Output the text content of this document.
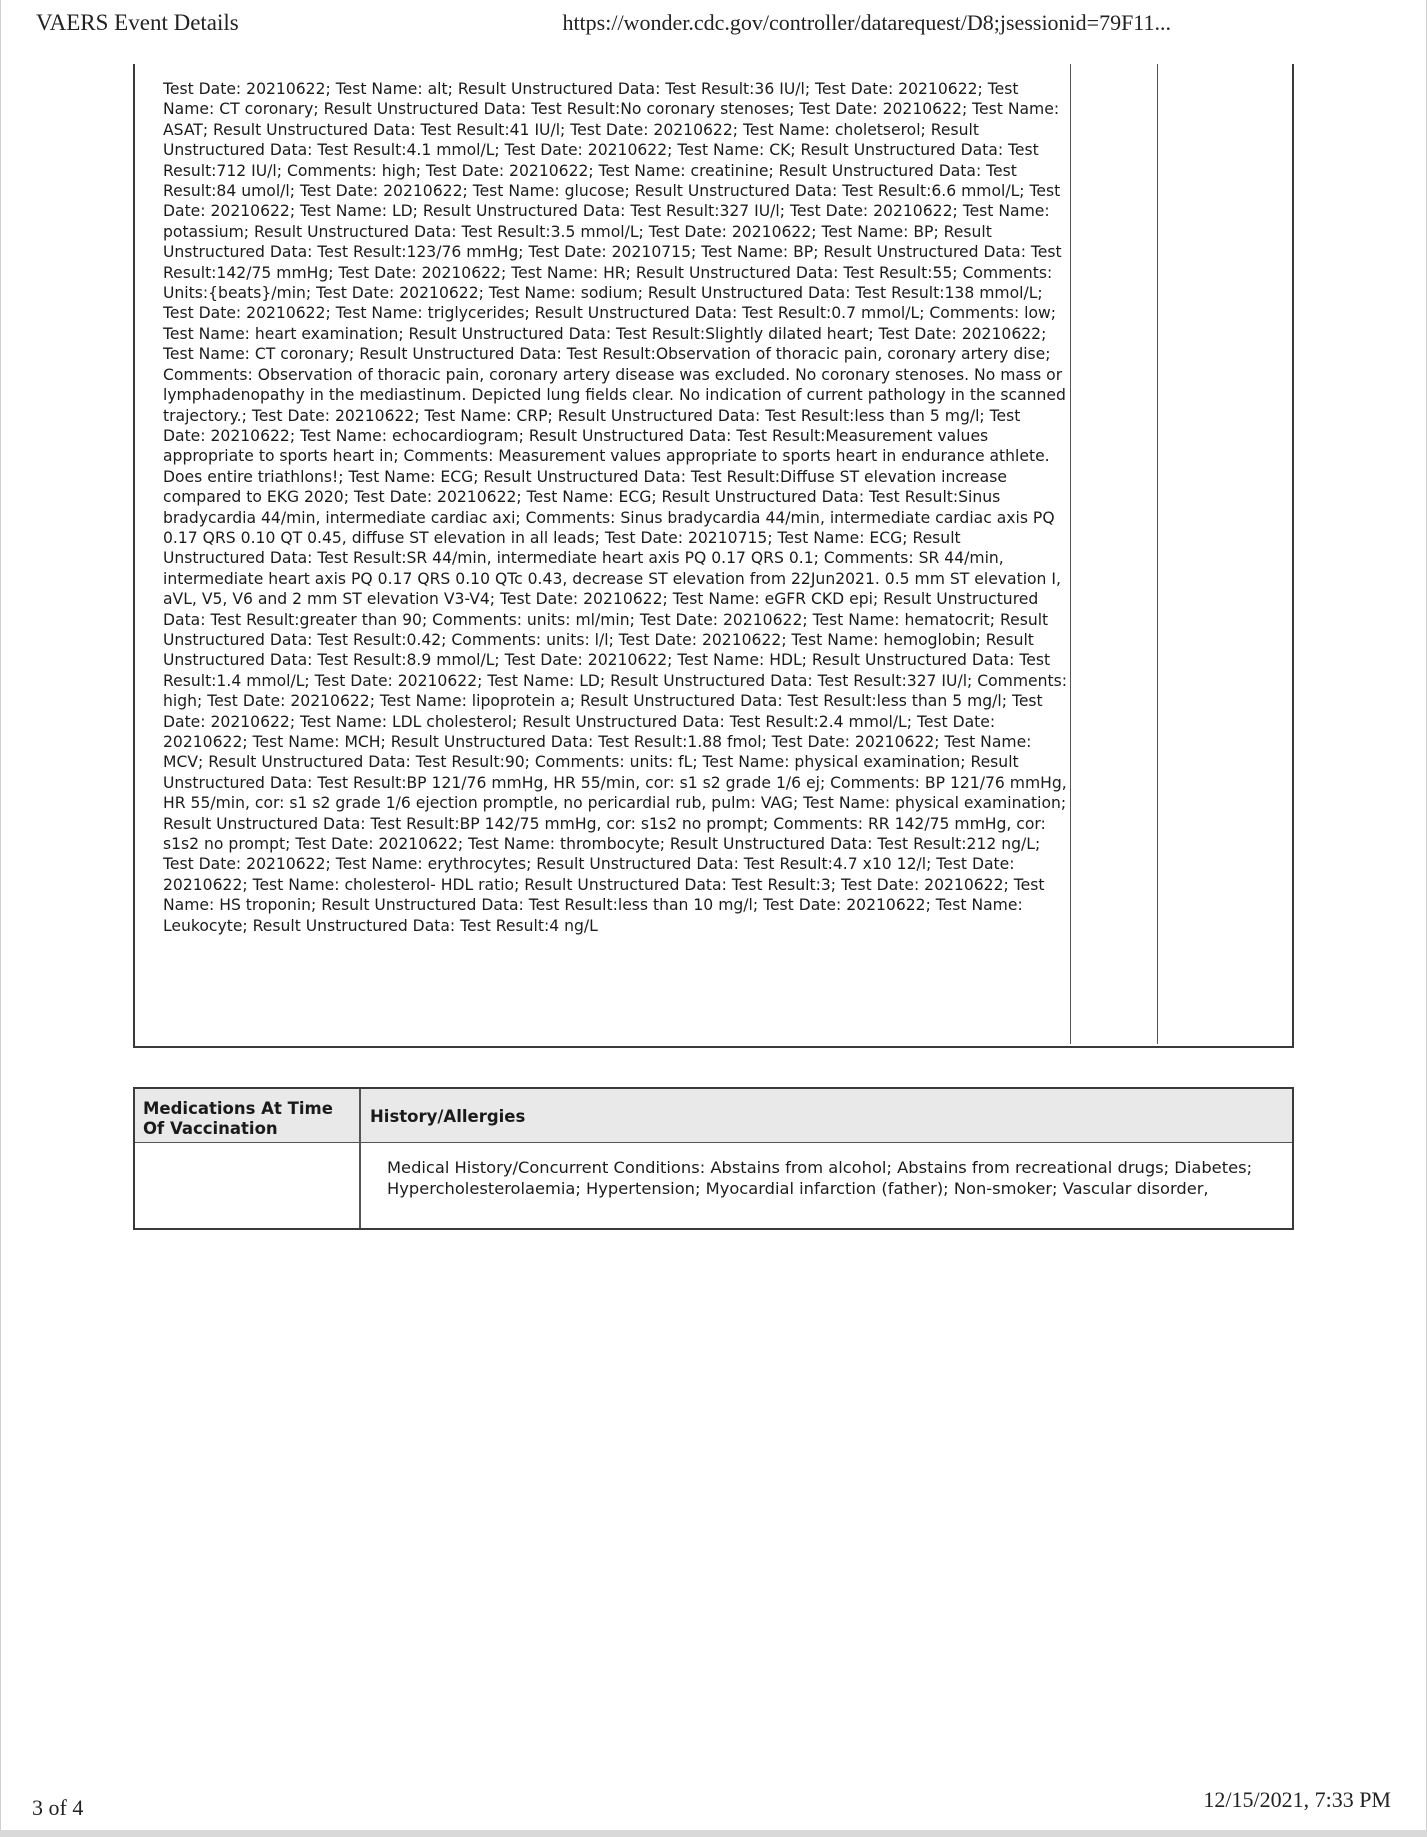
VAERS Event Details	https://wonder.cdc.gov/controller/datarequest/D8;jsessionid=79F11...
Test Date: 20210622; Test Name: alt; Result Unstructured Data: Test Result:36 IU/l; Test Date: 20210622; Test Name: CT coronary; Result Unstructured Data: Test Result:No coronary stenoses; Test Date: 20210622; Test Name: ASAT; Result Unstructured Data: Test Result:41 IU/l; Test Date: 20210622; Test Name: choletserol; Result Unstructured Data: Test Result:4.1 mmol/L; Test Date: 20210622; Test Name: CK; Result Unstructured Data: Test Result:712 IU/l; Comments: high; Test Date: 20210622; Test Name: creatinine; Result Unstructured Data: Test Result:84 umol/l; Test Date: 20210622; Test Name: glucose; Result Unstructured Data: Test Result:6.6 mmol/L; Test Date: 20210622; Test Name: LD; Result Unstructured Data: Test Result:327 IU/l; Test Date: 20210622; Test Name: potassium; Result Unstructured Data: Test Result:3.5 mmol/L; Test Date: 20210622; Test Name: BP; Result Unstructured Data: Test Result:123/76 mmHg; Test Date: 20210715; Test Name: BP; Result Unstructured Data: Test Result:142/75 mmHg; Test Date: 20210622; Test Name: HR; Result Unstructured Data: Test Result:55; Comments: Units:{beats}/min; Test Date: 20210622; Test Name: sodium; Result Unstructured Data: Test Result:138 mmol/L; Test Date: 20210622; Test Name: triglycerides; Result Unstructured Data: Test Result:0.7 mmol/L; Comments: low; Test Name: heart examination; Result Unstructured Data: Test Result:Slightly dilated heart; Test Date: 20210622; Test Name: CT coronary; Result Unstructured Data: Test Result:Observation of thoracic pain, coronary artery dise; Comments: Observation of thoracic pain, coronary artery disease was excluded. No coronary stenoses. No mass or lymphadenopathy in the mediastinum. Depicted lung fields clear. No indication of current pathology in the scanned trajectory.; Test Date: 20210622; Test Name: CRP; Result Unstructured Data: Test Result:less than 5 mg/l; Test Date: 20210622; Test Name: echocardiogram; Result Unstructured Data: Test Result:Measurement values appropriate to sports heart in; Comments: Measurement values appropriate to sports heart in endurance athlete. Does entire triathlons!; Test Name: ECG; Result Unstructured Data: Test Result:Diffuse ST elevation increase compared to EKG 2020; Test Date: 20210622; Test Name: ECG; Result Unstructured Data: Test Result:Sinus bradycardia 44/min, intermediate cardiac axi; Comments: Sinus bradycardia 44/min, intermediate cardiac axis PQ 0.17 QRS 0.10 QT 0.45, diffuse ST elevation in all leads; Test Date: 20210715; Test Name: ECG; Result Unstructured Data: Test Result:SR 44/min, intermediate heart axis PQ 0.17 QRS 0.1; Comments: SR 44/min, intermediate heart axis PQ 0.17 QRS 0.10 QTc 0.43, decrease ST elevation from 22Jun2021. 0.5 mm ST elevation I, aVL, V5, V6 and 2 mm ST elevation V3-V4; Test Date: 20210622; Test Name: eGFR CKD epi; Result Unstructured Data: Test Result:greater than 90; Comments: units: ml/min; Test Date: 20210622; Test Name: hematocrit; Result Unstructured Data: Test Result:0.42; Comments: units: l/l; Test Date: 20210622; Test Name: hemoglobin; Result Unstructured Data: Test Result:8.9 mmol/L; Test Date: 20210622; Test Name: HDL; Result Unstructured Data: Test Result:1.4 mmol/L; Test Date: 20210622; Test Name: LD; Result Unstructured Data: Test Result:327 IU/l; Comments: high; Test Date: 20210622; Test Name: lipoprotein a; Result Unstructured Data: Test Result:less than 5 mg/l; Test Date: 20210622; Test Name: LDL cholesterol; Result Unstructured Data: Test Result:2.4 mmol/L; Test Date: 20210622; Test Name: MCH; Result Unstructured Data: Test Result:1.88 fmol; Test Date: 20210622; Test Name: MCV; Result Unstructured Data: Test Result:90; Comments: units: fL; Test Name: physical examination; Result Unstructured Data: Test Result:BP 121/76 mmHg, HR 55/min, cor: s1 s2 grade 1/6 ej; Comments: BP 121/76 mmHg, HR 55/min, cor: s1 s2 grade 1/6 ejection promptle, no pericardial rub, pulm: VAG; Test Name: physical examination; Result Unstructured Data: Test Result:BP 142/75 mmHg, cor: s1s2 no prompt; Comments: RR 142/75 mmHg, cor: s1s2 no prompt; Test Date: 20210622; Test Name: thrombocyte; Result Unstructured Data: Test Result:212 ng/L; Test Date: 20210622; Test Name: erythrocytes; Result Unstructured Data: Test Result:4.7 x10 12/l; Test Date: 20210622; Test Name: cholesterol- HDL ratio; Result Unstructured Data: Test Result:3; Test Date: 20210622; Test Name: HS troponin; Result Unstructured Data: Test Result:less than 10 mg/l; Test Date: 20210622; Test Name: Leukocyte; Result Unstructured Data: Test Result:4 ng/L
Medications At Time Of Vaccination
History/Allergies
Medical History/Concurrent Conditions: Abstains from alcohol; Abstains from recreational drugs; Diabetes; Hypercholesterolaemia; Hypertension; Myocardial infarction (father); Non-smoker; Vascular disorder,
3 of 4	12/15/2021, 7:33 PM
